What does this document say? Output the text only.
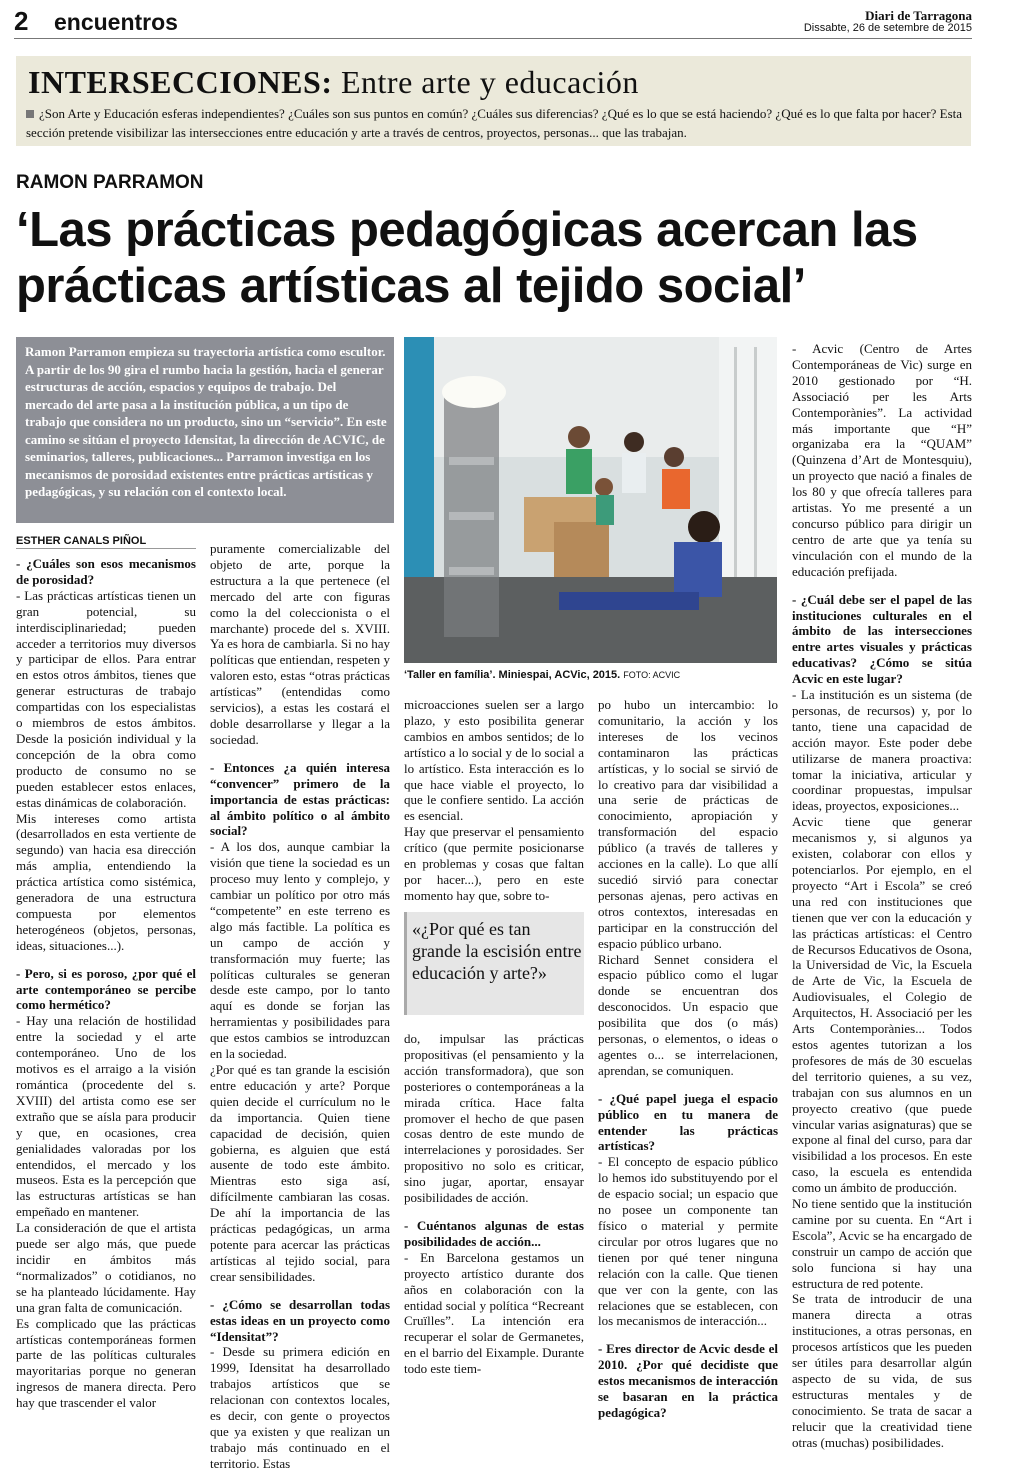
2 encuentros	Diari de Tarragona
Dissabte, 26 de setembre de 2015
INTERSECCIONES: Entre arte y educación
¿Son Arte y Educación esferas independientes? ¿Cuáles son sus puntos en común? ¿Cuáles sus diferencias? ¿Qué es lo que se está haciendo? ¿Qué es lo que falta por hacer? Esta sección pretende visibilizar las intersecciones entre educación y arte a través de centros, proyectos, personas... que las trabajan.
RAMON PARRAMON
‘Las prácticas pedagógicas acercan las prácticas artísticas al tejido social’
Ramon Parramon empieza su trayectoria artística como escultor. A partir de los 90 gira el rumbo hacia la gestión, hacia el generar estructuras de acción, espacios y equipos de trabajo. Del mercado del arte pasa a la institución pública, a un tipo de trabajo que considera no un producto, sino un “servicio”. En este camino se sitúan el proyecto Idensitat, la dirección de ACVIC, de seminarios, talleres, publicaciones... Parramon investiga en los mecanismos de porosidad existentes entre prácticas artísticas y pedagógicas, y su relación con el contexto local.
‘Taller en família’. Miniespai, ACVic, 2015. FOTO: ACVIC
ESTHER CANALS PIÑOL
- ¿Cuáles son esos mecanismos de porosidad?
- Las prácticas artísticas tienen un gran potencial, su interdisciplinariedad; pueden acceder a territorios muy diversos y participar de ellos. Para entrar en estos otros ámbitos, tienes que generar estructuras de trabajo compartidas con los especialistas o miembros de estos ámbitos. Desde la posición individual y la concepción de la obra como producto de consumo no se pueden establecer estos enlaces, estas dinámicas de colaboración.
Mis intereses como artista (desarrollados en esta vertiente de segundo) van hacia esa dirección más amplia, entendiendo la práctica artística como sistémica, generadora de una estructura compuesta por elementos heterogéneos (objetos, personas, ideas, situaciones...).
- Pero, si es poroso, ¿por qué el arte contemporáneo se percibe como hermético?
- Hay una relación de hostilidad entre la sociedad y el arte contemporáneo. Uno de los motivos es el arraigo a la visión romántica (procedente del s. XVIII) del artista como ese ser extraño que se aísla para producir y que, en ocasiones, crea genialidades valoradas por los entendidos, el mercado y los museos. Esta es la percepción que las estructuras artísticas se han empeñado en mantener.
La consideración de que el artista puede ser algo más, que puede incidir en ámbitos más “normalizados” o cotidianos, no se ha planteado lúcidamente. Hay una gran falta de comunicación.
Es complicado que las prácticas artísticas contemporáneas formen parte de las políticas culturales mayoritarias porque no generan ingresos de manera directa. Pero hay que trascender el valor
puramente comercializable del objeto de arte, porque la estructura a la que pertenece (el mercado del arte con figuras como la del coleccionista o el marchante) procede del s. XVIII. Ya es hora de cambiarla. Si no hay políticas que entiendan, respeten y valoren esto, estas “otras prácticas artísticas” (entendidas como servicios), a estas les costará el doble desarrollarse y llegar a la sociedad.
- Entonces ¿a quién interesa “convencer” primero de la importancia de estas prácticas: al ámbito político o al ámbito social?
- A los dos, aunque cambiar la visión que tiene la sociedad es un proceso muy lento y complejo, y cambiar un político por otro más “competente” en este terreno es algo más factible. La política es un campo de acción y transformación muy fuerte; las políticas culturales se generan desde este campo, por lo tanto aquí es donde se forjan las herramientas y posibilidades para que estos cambios se introduzcan en la sociedad.
¿Por qué es tan grande la escisión entre educación y arte? Porque quien decide el currículum no le da importancia. Quien tiene capacidad de decisión, quien gobierna, es alguien que está ausente de todo este ámbito. Mientras esto siga así, difícilmente cambiaran las cosas. De ahí la importancia de las prácticas pedagógicas, un arma potente para acercar las prácticas artísticas al tejido social, para crear sensibilidades.
- ¿Cómo se desarrollan todas estas ideas en un proyecto como “Idensitat”?
- Desde su primera edición en 1999, Idensitat ha desarrollado trabajos artísticos que se relacionan con contextos locales, es decir, con gente o proyectos que ya existen y que realizan un trabajo más continuado en el territorio. Estas
microacciones suelen ser a largo plazo, y esto posibilita generar cambios en ambos sentidos; de lo artístico a lo social y de lo social a lo artístico. Esta interacción es lo que hace viable el proyecto, lo que le confiere sentido. La acción es esencial.
Hay que preservar el pensamiento crítico (que permite posicionarse en problemas y cosas que faltan por hacer...), pero en este momento hay que, sobre to-
«¿Por qué es tan grande la escisión entre educación y arte?»
do, impulsar las prácticas propositivas (el pensamiento y la acción transformadora), que son posteriores o contemporáneas a la mirada crítica. Hace falta promover el hecho de que pasen cosas dentro de este mundo de interrelaciones y porosidades. Ser propositivo no solo es criticar, sino jugar, aportar, ensayar posibilidades de acción.
- Cuéntanos algunas de estas posibilidades de acción...
- En Barcelona gestamos un proyecto artístico durante dos años en colaboración con la entidad social y política “Recreant Cruïlles”. La intención era recuperar el solar de Germanetes, en el barrio del Eixample. Durante todo este tiem-
po hubo un intercambio: lo comunitario, la acción y los intereses de los vecinos contaminaron las prácticas artísticas, y lo social se sirvió de lo creativo para dar visibilidad a una serie de prácticas de conocimiento, apropiación y transformación del espacio público (a través de talleres y acciones en la calle). Lo que allí sucedió sirvió para conectar personas ajenas, pero activas en otros contextos, interesadas en participar en la construcción del espacio público urbano.
Richard Sennet considera el espacio público como el lugar donde se encuentran dos desconocidos. Un espacio que posibilita que dos (o más) personas, o elementos, o ideas o agentes o... se interrelacionen, aprendan, se comuniquen.
- ¿Qué papel juega el espacio público en tu manera de entender las prácticas artísticas?
- El concepto de espacio público lo hemos ido substituyendo por el de espacio social; un espacio que no posee un componente tan físico o material y permite circular por otros lugares que no tienen por qué tener ninguna relación con la calle. Que tienen que ver con la gente, con las relaciones que se establecen, con los mecanismos de interacción...
- Eres director de Acvic desde el 2010. ¿Por qué decidiste que estos mecanismos de interacción se basaran en la práctica pedagógica?
- Acvic (Centro de Artes Contemporáneas de Vic) surge en 2010 gestionado por “H. Associació per les Arts Contemporànies”. La actividad más importante que “H” organizaba era la “QUAM” (Quinzena d’Art de Montesquiu), un proyecto que nació a finales de los 80 y que ofrecía talleres para artistas. Yo me presenté a un concurso público para dirigir un centro de arte que ya tenía su vinculación con el mundo de la educación prefijada.
- ¿Cuál debe ser el papel de las instituciones culturales en el ámbito de las intersecciones entre artes visuales y prácticas educativas? ¿Cómo se sitúa Acvic en este lugar?
- La institución es un sistema (de personas, de recursos) y, por lo tanto, tiene una capacidad de acción mayor. Este poder debe utilizarse de manera proactiva: tomar la iniciativa, articular y coordinar propuestas, impulsar ideas, proyectos, exposiciones...
Acvic tiene que generar mecanismos y, si algunos ya existen, colaborar con ellos y potenciarlos. Por ejemplo, en el proyecto “Art i Escola” se creó una red con instituciones que tienen que ver con la educación y las prácticas artísticas: el Centro de Recursos Educativos de Osona, la Universidad de Vic, la Escuela de Arte de Vic, la Escuela de Audiovisuales, el Colegio de Arquitectos, H. Associació per les Arts Contemporànies... Todos estos agentes tutorizan a los profesores de más de 30 escuelas del territorio quienes, a su vez, trabajan con sus alumnos en un proyecto creativo (que puede vincular varias asignaturas) que se expone al final del curso, para dar visibilidad a los procesos. En este caso, la escuela es entendida como un ámbito de producción.
No tiene sentido que la institución camine por su cuenta. En “Art i Escola”, Acvic se ha encargado de construir un campo de acción que solo funciona si hay una estructura de red potente.
Se trata de introducir de una manera directa a otras instituciones, a otras personas, en procesos artísticos que les pueden ser útiles para desarrollar algún aspecto de su vida, de sus estructuras mentales y de conocimiento. Se trata de sacar a relucir que la creatividad tiene otras (muchas) posibilidades.
